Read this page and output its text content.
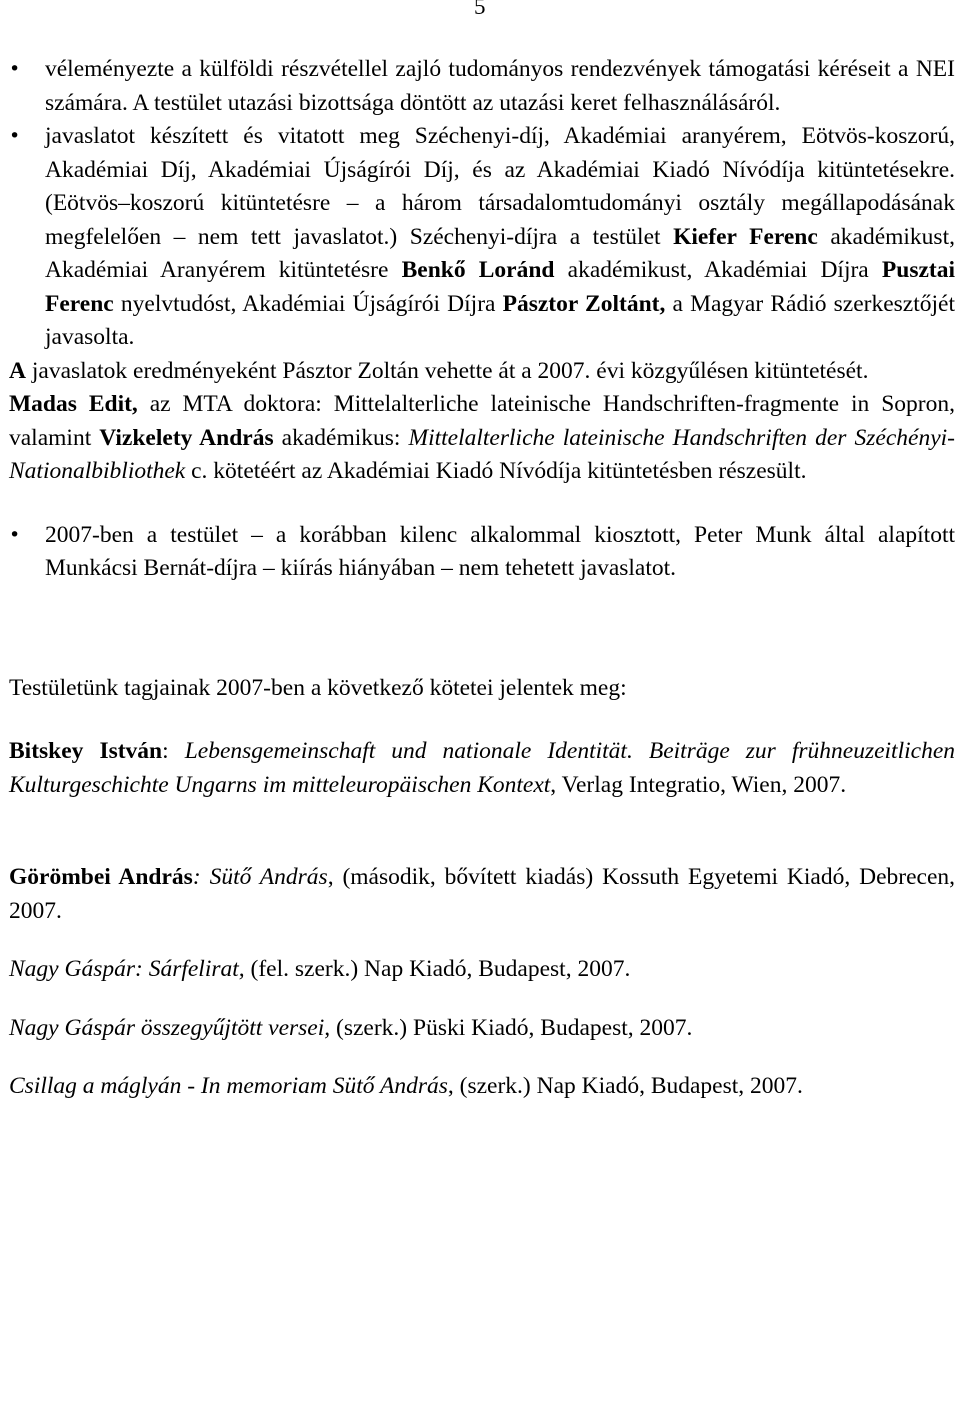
5
•	véleményezte a külföldi részvétellel zajló tudományos rendezvények támogatási kéréseit a NEI számára. A testület utazási bizottsága döntött az utazási keret felhasználásáról.
•	javaslatot készített és vitatott meg Széchenyi-díj, Akadémiai aranyérem, Eötvös-koszorú, Akadémiai Díj, Akadémiai Újságírói Díj, és az Akadémiai Kiadó Nívódíja kitüntetésekre. (Eötvös–koszorú kitüntetésre – a három társadalomtudományi osztály megállapodásának megfelelően – nem tett javaslatot.) Széchenyi-díjra a testület Kiefer Ferenc akadémikust, Akadémiai Aranyérem kitüntetésre Benkő Loránd akadémikust, Akadémiai Díjra Pusztai Ferenc nyelvtudóst, Akadémiai Újságírói Díjra Pásztor Zoltánt, a Magyar Rádió szerkesztőjét javasolta.

A javaslatok eredményeként Pásztor Zoltán vehette át a 2007. évi közgyűlésen kitüntetését.

Madas Edit, az MTA doktora: Mittelalterliche lateinische Handschriften-fragmente in Sopron, valamint Vizkelety András akadémikus: Mittelalterliche lateinische Handschriften der Széchényi-Nationalbibliothek c. kötetéért az Akadémiai Kiadó Nívódíja kitüntetésben részesült.

•	2007-ben a testület – a korábban kilenc alkalommal kiosztott, Peter Munk által alapított Munkácsi Bernát-díjra – kiírás hiányában – nem tehetett javaslatot.

Testületünk tagjainak 2007-ben a következő kötetei jelentek meg:

Bitskey István: Lebensgemeinschaft und nationale Identität. Beiträge zur frühneuzeitlichen Kulturgeschichte Ungarns im mitteleuropäischen Kontext, Verlag Integratio, Wien, 2007.

Görömbei András: Sütő András, (második, bővített kiadás) Kossuth Egyetemi Kiadó, Debrecen, 2007.

Nagy Gáspár: Sárfelirat, (fel. szerk.) Nap Kiadó, Budapest, 2007.

Nagy Gáspár összegyűjtött versei, (szerk.) Püski Kiadó, Budapest, 2007.

Csillag a máglyán - In memoriam Sütő András, (szerk.) Nap Kiadó, Budapest, 2007.
